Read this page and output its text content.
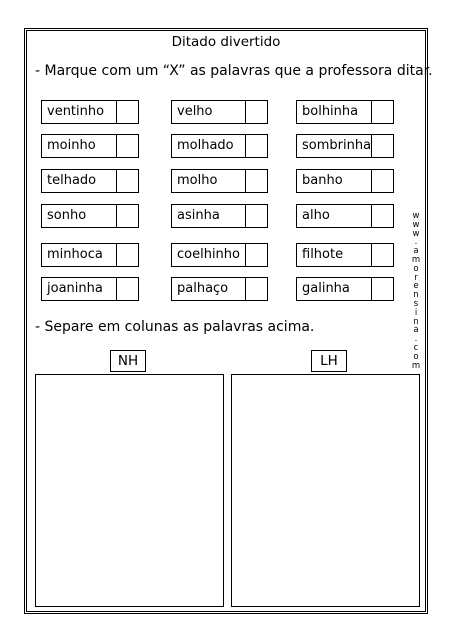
Ditado divertido
- Marque com um “X” as palavras que a professora ditar.
ventinho	velho	bolhinha
moinho	molhado	sombrinha
telhado	molho	banho
sonho	asinha	alho
minhoca	coelhinho	filhote
joaninha	palhaço	galinha
- Separe em colunas as palavras acima.
NH	LH
w
w
w
.
a
m
o
r
e
n
s
i
n
a
.
c
o
m
